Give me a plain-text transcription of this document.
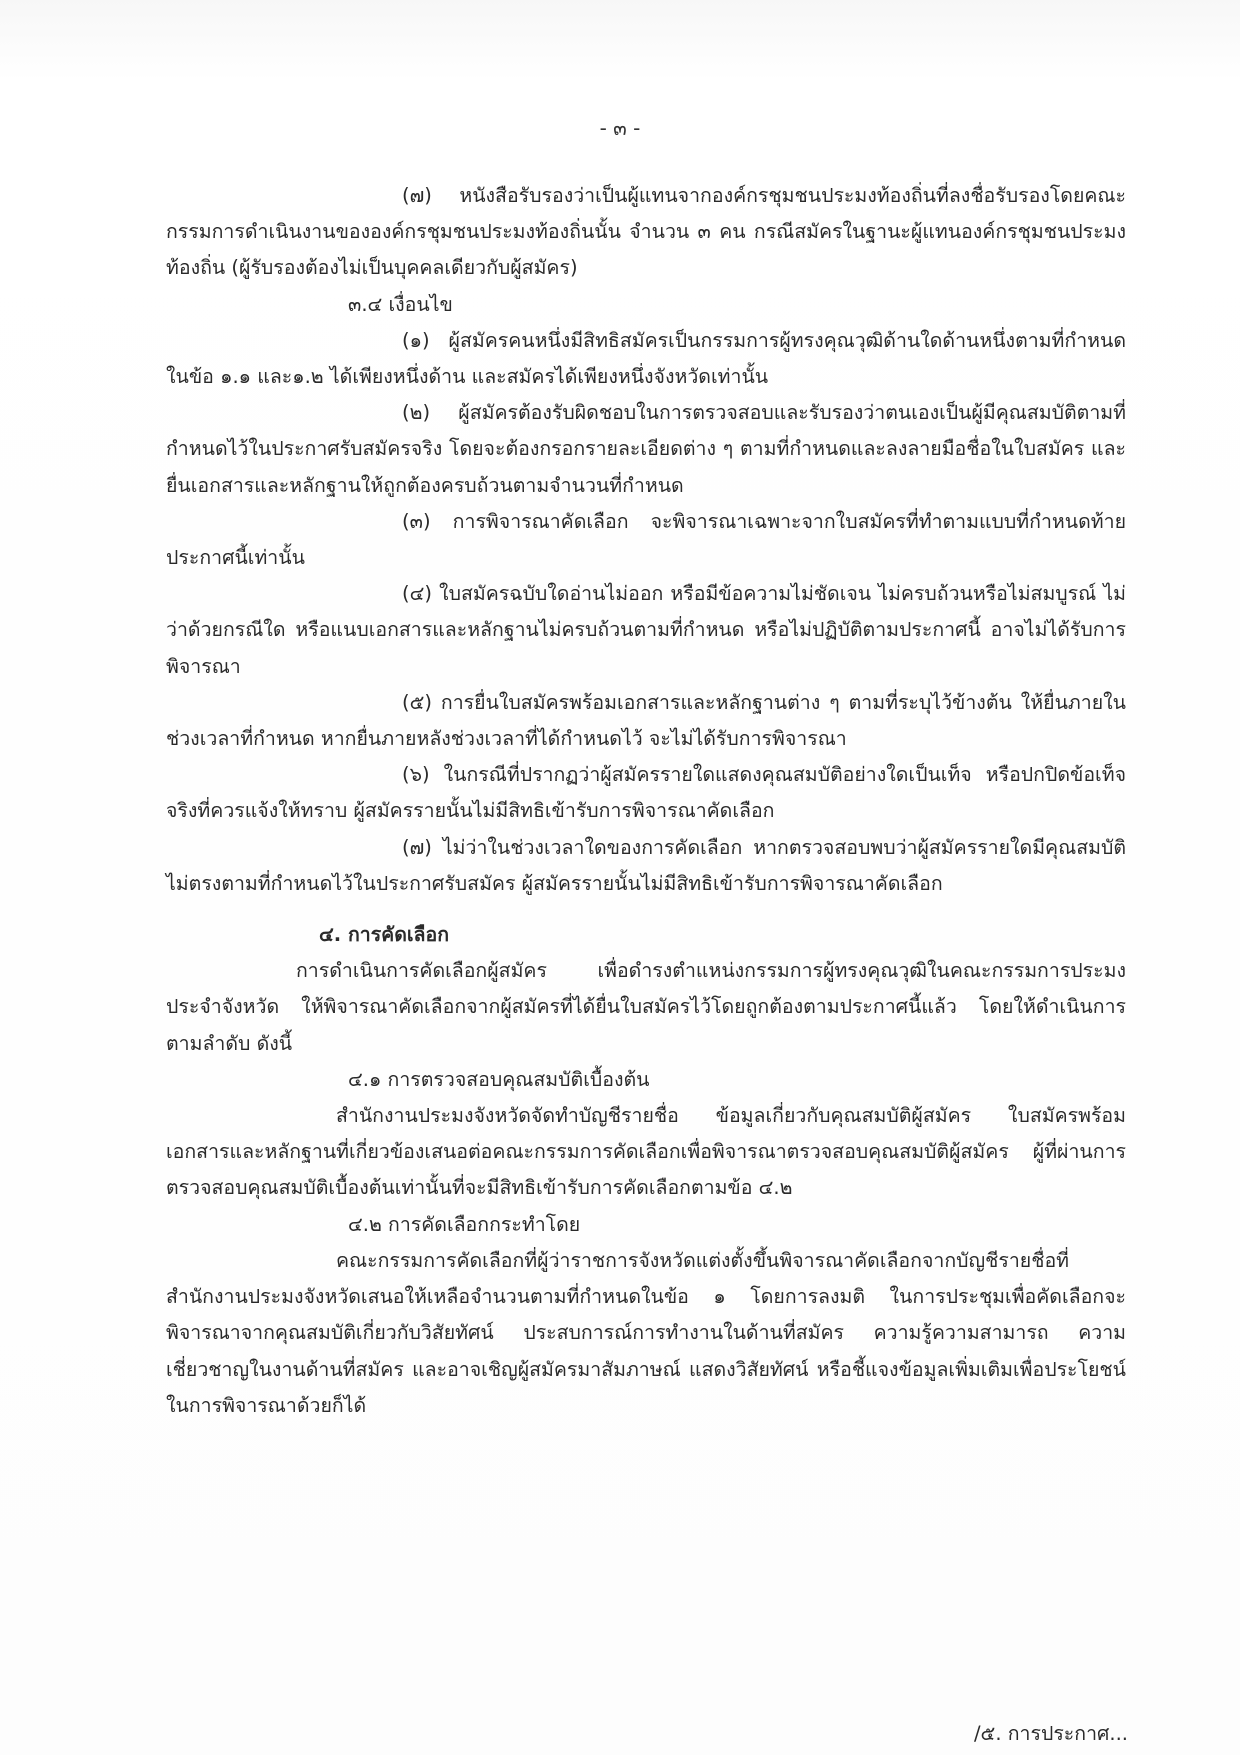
- ๓ -

(๗) หนังสือรับรองว่าเป็นผู้แทนจากองค์กรชุมชนประมงท้องถิ่นที่ลงชื่อรับรองโดยคณะกรรมการดำเนินงานขององค์กรชุมชนประมงท้องถิ่นนั้น จำนวน ๓ คน กรณีสมัครในฐานะผู้แทนองค์กรชุมชนประมงท้องถิ่น (ผู้รับรองต้องไม่เป็นบุคคลเดียวกับผู้สมัคร)

๓.๔ เงื่อนไข

(๑) ผู้สมัครคนหนึ่งมีสิทธิสมัครเป็นกรรมการผู้ทรงคุณวุฒิด้านใดด้านหนึ่งตามที่กำหนดในข้อ ๑.๑ และ๑.๒ ได้เพียงหนึ่งด้าน และสมัครได้เพียงหนึ่งจังหวัดเท่านั้น

(๒) ผู้สมัครต้องรับผิดชอบในการตรวจสอบและรับรองว่าตนเองเป็นผู้มีคุณสมบัติตามที่กำหนดไว้ในประกาศรับสมัครจริง โดยจะต้องกรอกรายละเอียดต่าง ๆ ตามที่กำหนดและลงลายมือชื่อในใบสมัคร และยื่นเอกสารและหลักฐานให้ถูกต้องครบถ้วนตามจำนวนที่กำหนด

(๓) การพิจารณาคัดเลือก จะพิจารณาเฉพาะจากใบสมัครที่ทำตามแบบที่กำหนดท้ายประกาศนี้เท่านั้น

(๔) ใบสมัครฉบับใดอ่านไม่ออก หรือมีข้อความไม่ชัดเจน ไม่ครบถ้วนหรือไม่สมบูรณ์ ไม่ว่าด้วยกรณีใด หรือแนบเอกสารและหลักฐานไม่ครบถ้วนตามที่กำหนด หรือไม่ปฏิบัติตามประกาศนี้ อาจไม่ได้รับการพิจารณา

(๕) การยื่นใบสมัครพร้อมเอกสารและหลักฐานต่าง ๆ ตามที่ระบุไว้ข้างต้น ให้ยื่นภายในช่วงเวลาที่กำหนด หากยื่นภายหลังช่วงเวลาที่ได้กำหนดไว้ จะไม่ได้รับการพิจารณา

(๖) ในกรณีที่ปรากฏว่าผู้สมัครรายใดแสดงคุณสมบัติอย่างใดเป็นเท็จ หรือปกปิดข้อเท็จจริงที่ควรแจ้งให้ทราบ ผู้สมัครรายนั้นไม่มีสิทธิเข้ารับการพิจารณาคัดเลือก

(๗) ไม่ว่าในช่วงเวลาใดของการคัดเลือก หากตรวจสอบพบว่าผู้สมัครรายใดมีคุณสมบัติไม่ตรงตามที่กำหนดไว้ในประกาศรับสมัคร ผู้สมัครรายนั้นไม่มีสิทธิเข้ารับการพิจารณาคัดเลือก

๔. การคัดเลือก

การดำเนินการคัดเลือกผู้สมัคร เพื่อดำรงตำแหน่งกรรมการผู้ทรงคุณวุฒิในคณะกรรมการประมงประจำจังหวัด ให้พิจารณาคัดเลือกจากผู้สมัครที่ได้ยื่นใบสมัครไว้โดยถูกต้องตามประกาศนี้แล้ว โดยให้ดำเนินการตามลำดับ ดังนี้

๔.๑ การตรวจสอบคุณสมบัติเบื้องต้น

สำนักงานประมงจังหวัดจัดทำบัญชีรายชื่อ ข้อมูลเกี่ยวกับคุณสมบัติผู้สมัคร ใบสมัครพร้อมเอกสารและหลักฐานที่เกี่ยวข้องเสนอต่อคณะกรรมการคัดเลือกเพื่อพิจารณาตรวจสอบคุณสมบัติผู้สมัคร ผู้ที่ผ่านการตรวจสอบคุณสมบัติเบื้องต้นเท่านั้นที่จะมีสิทธิเข้ารับการคัดเลือกตามข้อ ๔.๒

๔.๒ การคัดเลือกกระทำโดย

คณะกรรมการคัดเลือกที่ผู้ว่าราชการจังหวัดแต่งตั้งขึ้นพิจารณาคัดเลือกจากบัญชีรายชื่อที่สำนักงานประมงจังหวัดเสนอให้เหลือจำนวนตามที่กำหนดในข้อ ๑ โดยการลงมติ ในการประชุมเพื่อคัดเลือกจะพิจารณาจากคุณสมบัติเกี่ยวกับวิสัยทัศน์ ประสบการณ์การทำงานในด้านที่สมัคร ความรู้ความสามารถ ความเชี่ยวชาญในงานด้านที่สมัคร และอาจเชิญผู้สมัครมาสัมภาษณ์ แสดงวิสัยทัศน์ หรือชี้แจงข้อมูลเพิ่มเติมเพื่อประโยชน์ในการพิจารณาด้วยก็ได้

/๕. การประกาศ...
